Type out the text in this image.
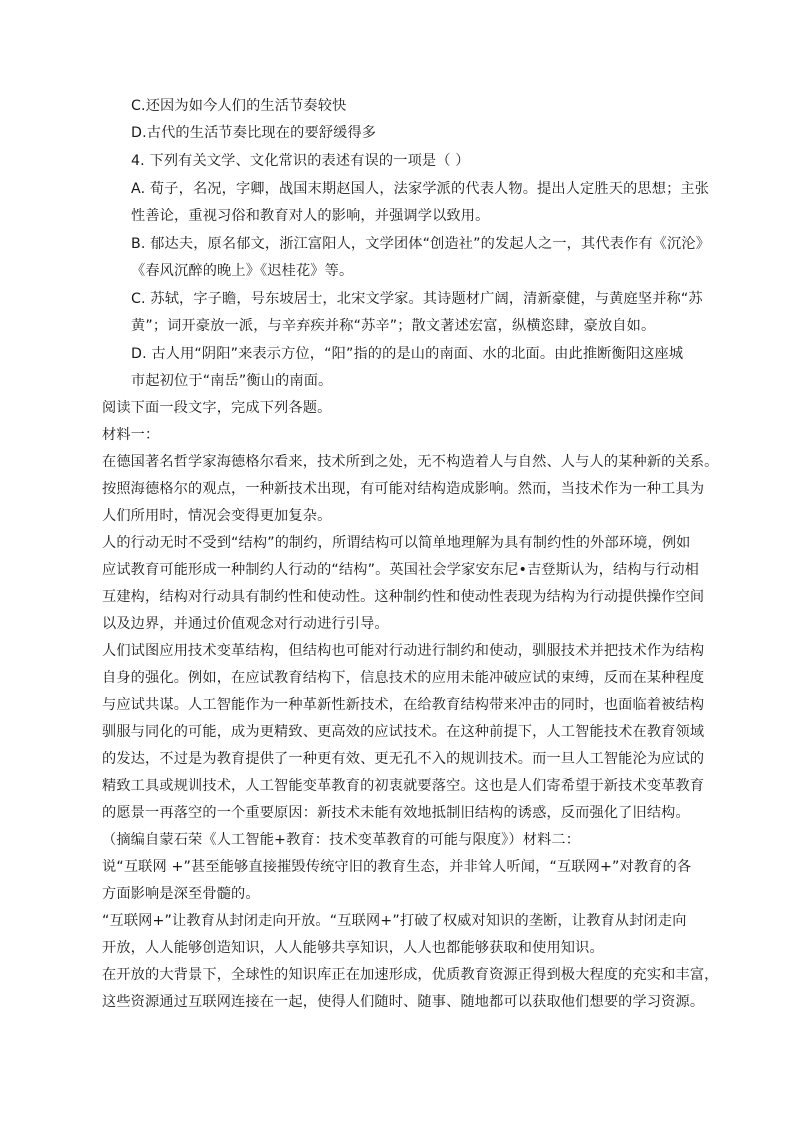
C.还因为如今人们的生活节奏较快
D.古代的生活节奏比现在的要舒缓得多
4. 下列有关文学、文化常识的表述有误的一项是（ ）
A. 荀子，名况，字卿，战国末期赵国人，法家学派的代表人物。提出人定胜天的思想；主张
性善论，重视习俗和教育对人的影响，并强调学以致用。
B. 郁达夫，原名郁文，浙江富阳人，文学团体“创造社”的发起人之一，其代表作有《沉沦》
《春风沉醉的晚上》《迟桂花》等。
C. 苏轼，字子瞻，号东坡居士，北宋文学家。其诗题材广阔，清新豪健，与黄庭坚并称“苏
黄”；词开豪放一派，与辛弃疾并称“苏辛”；散文著述宏富，纵横恣肆，豪放自如。
D. 古人用“阴阳”来表示方位，“阳”指的的是山的南面、水的北面。由此推断衡阳这座城
市起初位于“南岳”衡山的南面。
阅读下面一段文字，完成下列各题。
材料一：
在德国著名哲学家海德格尔看来，技术所到之处，无不构造着人与自然、人与人的某种新的关系。
按照海德格尔的观点，一种新技术出现，有可能对结构造成影响。然而，当技术作为一种工具为
人们所用时，情况会变得更加复杂。
人的行动无时不受到“结构”的制约，所谓结构可以简单地理解为具有制约性的外部环境，例如
应试教育可能形成一种制约人行动的“结构”。英国社会学家安东尼•吉登斯认为，结构与行动相
互建构，结构对行动具有制约性和使动性。这种制约性和使动性表现为结构为行动提供操作空间
以及边界，并通过价值观念对行动进行引导。
人们试图应用技术变革结构，但结构也可能对行动进行制约和使动，驯服技术并把技术作为结构
自身的强化。例如，在应试教育结构下，信息技术的应用未能冲破应试的束缚，反而在某种程度
与应试共谋。人工智能作为一种革新性新技术，在给教育结构带来冲击的同时，也面临着被结构
驯服与同化的可能，成为更精致、更高效的应试技术。在这种前提下，人工智能技术在教育领域
的发达，不过是为教育提供了一种更有效、更无孔不入的规训技术。而一旦人工智能沦为应试的
精致工具或规训技术，人工智能变革教育的初衷就要落空。这也是人们寄希望于新技术变革教育
的愿景一再落空的一个重要原因：新技术未能有效地抵制旧结构的诱惑，反而强化了旧结构。
（摘编自蒙石荣《人工智能+教育：技术变革教育的可能与限度》）材料二：
说“互联网 +”甚至能够直接摧毁传统守旧的教育生态，并非耸人听闻，“互联网+”对教育的各
方面影响是深至骨髓的。
“互联网+”让教育从封闭走向开放。“互联网+”打破了权威对知识的垄断，让教育从封闭走向
开放，人人能够创造知识，人人能够共享知识，人人也都能够获取和使用知识。
在开放的大背景下，全球性的知识库正在加速形成，优质教育资源正得到极大程度的充实和丰富，
这些资源通过互联网连接在一起，使得人们随时、随事、随地都可以获取他们想要的学习资源。
